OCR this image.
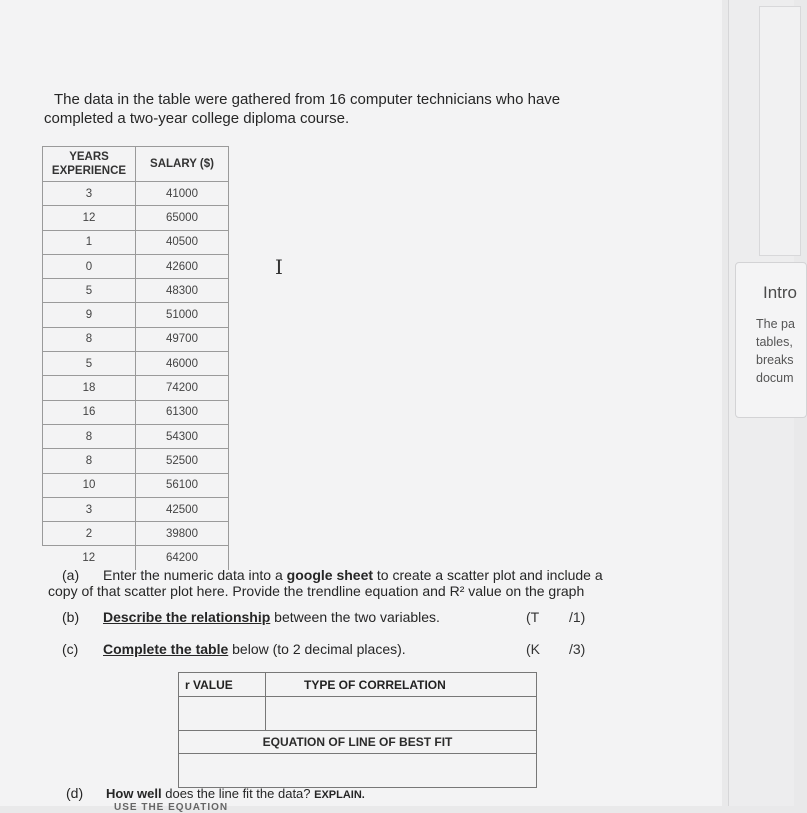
The data in the table were gathered from 16 computer technicians who have
completed a two-year college diploma course.
YEARS EXPERIENCE	SALARY ($)
3	41000
12	65000
1	40500
0	42600
5	48300
9	51000
8	49700
5	46000
18	74200
16	61300
8	54300
8	52500
10	56100
3	42500
2	39800
12	64200
I
(a) Enter the numeric data into a google sheet to create a scatter plot and include a
copy of that scatter plot here. Provide the trendline equation and R² value on the graph
(b) Describe the relationship between the two variables.	(T /1)
(c) Complete the table below (to 2 decimal places).	(K /3)
r VALUE	TYPE OF CORRELATION

EQUATION OF LINE OF BEST FIT	

(d) How well does the line fit the data? EXPLAIN.
USE THE EQUATION
Intro
The pa
tables,
breaks
docum
